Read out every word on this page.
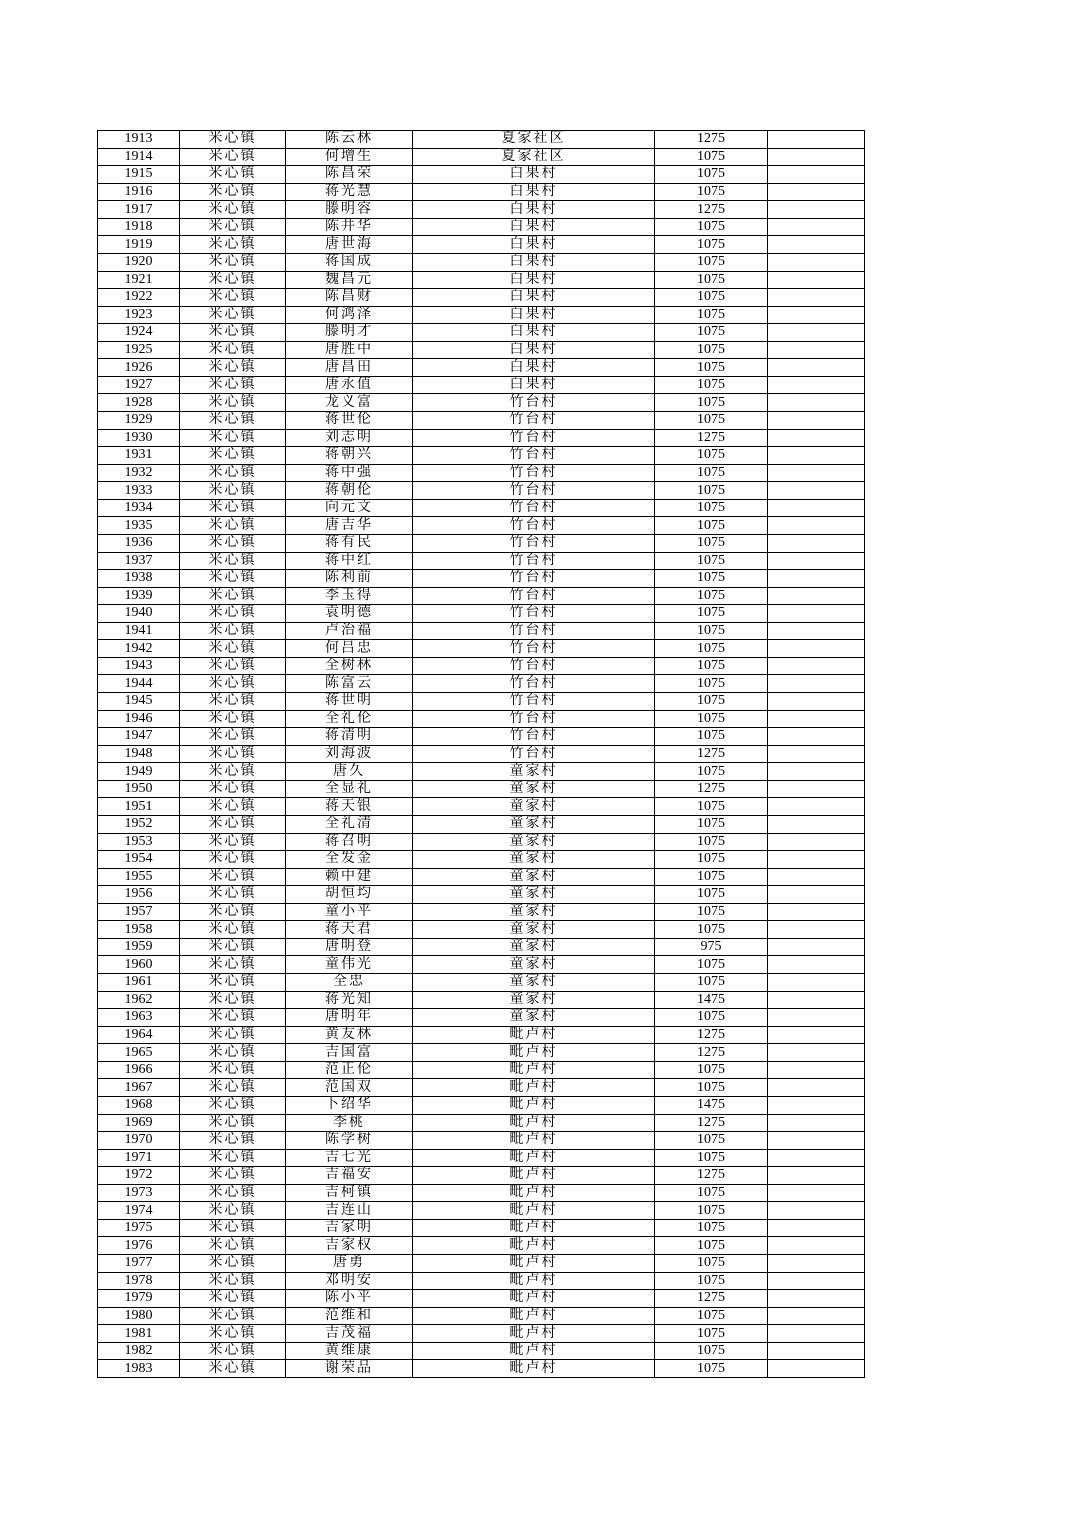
1913	米心镇	陈云林	夏家社区	1275	
1914	米心镇	何增生	夏家社区	1075	
1915	米心镇	陈昌荣	白果村	1075	
1916	米心镇	蒋光慧	白果村	1075	
1917	米心镇	滕明容	白果村	1275	
1918	米心镇	陈井华	白果村	1075	
1919	米心镇	唐世海	白果村	1075	
1920	米心镇	蒋国成	白果村	1075	
1921	米心镇	魏昌元	白果村	1075	
1922	米心镇	陈昌财	白果村	1075	
1923	米心镇	何鸿泽	白果村	1075	
1924	米心镇	滕明才	白果村	1075	
1925	米心镇	唐胜中	白果村	1075	
1926	米心镇	唐昌田	白果村	1075	
1927	米心镇	唐永值	白果村	1075	
1928	米心镇	龙义富	竹台村	1075	
1929	米心镇	蒋世伦	竹台村	1075	
1930	米心镇	刘志明	竹台村	1275	
1931	米心镇	蒋朝兴	竹台村	1075	
1932	米心镇	蒋中强	竹台村	1075	
1933	米心镇	蒋朝伦	竹台村	1075	
1934	米心镇	向元文	竹台村	1075	
1935	米心镇	唐吉华	竹台村	1075	
1936	米心镇	蒋有民	竹台村	1075	
1937	米心镇	蒋中红	竹台村	1075	
1938	米心镇	陈利前	竹台村	1075	
1939	米心镇	李玉得	竹台村	1075	
1940	米心镇	袁明德	竹台村	1075	
1941	米心镇	卢治福	竹台村	1075	
1942	米心镇	何吕忠	竹台村	1075	
1943	米心镇	全树林	竹台村	1075	
1944	米心镇	陈富云	竹台村	1075	
1945	米心镇	蒋世明	竹台村	1075	
1946	米心镇	全礼伦	竹台村	1075	
1947	米心镇	蒋清明	竹台村	1075	
1948	米心镇	刘海波	竹台村	1275	
1949	米心镇	唐久	童家村	1075	
1950	米心镇	全显礼	童家村	1275	
1951	米心镇	蒋天银	童家村	1075	
1952	米心镇	全礼清	童家村	1075	
1953	米心镇	蒋召明	童家村	1075	
1954	米心镇	全发金	童家村	1075	
1955	米心镇	赖中建	童家村	1075	
1956	米心镇	胡恒均	童家村	1075	
1957	米心镇	童小平	童家村	1075	
1958	米心镇	蒋天君	童家村	1075	
1959	米心镇	唐明登	童家村	975	
1960	米心镇	童伟光	童家村	1075	
1961	米心镇	全忠	童家村	1075	
1962	米心镇	蒋光知	童家村	1475	
1963	米心镇	唐明年	童家村	1075	
1964	米心镇	黄友林	毗卢村	1275	
1965	米心镇	吉国富	毗卢村	1275	
1966	米心镇	范正伦	毗卢村	1075	
1967	米心镇	范国双	毗卢村	1075	
1968	米心镇	卜绍华	毗卢村	1475	
1969	米心镇	李桃	毗卢村	1275	
1970	米心镇	陈学树	毗卢村	1075	
1971	米心镇	吉七光	毗卢村	1075	
1972	米心镇	吉福安	毗卢村	1275	
1973	米心镇	吉柯镇	毗卢村	1075	
1974	米心镇	吉连山	毗卢村	1075	
1975	米心镇	吉家明	毗卢村	1075	
1976	米心镇	吉家权	毗卢村	1075	
1977	米心镇	唐勇	毗卢村	1075	
1978	米心镇	邓明安	毗卢村	1075	
1979	米心镇	陈小平	毗卢村	1275	
1980	米心镇	范维和	毗卢村	1075	
1981	米心镇	吉茂福	毗卢村	1075	
1982	米心镇	黄维康	毗卢村	1075	
1983	米心镇	谢荣品	毗卢村	1075	
